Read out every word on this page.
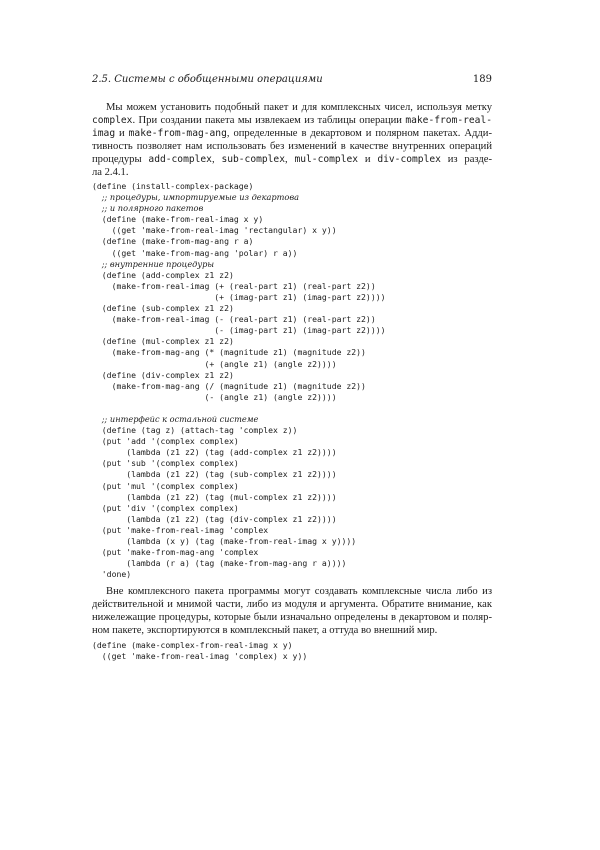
2.5. Системы с обобщенными операциями	189
Мы можем установить подобный пакет и для комплексных чисел, используя метку
complex. При создании пакета мы извлекаем из таблицы операции make-from-real-
imag и make-from-mag-ang, определенные в декартовом и полярном пакетах. Адди-
тивность позволяет нам использовать без изменений в качестве внутренних операций
процедуры add-complex, sub-complex, mul-complex и div-complex из разде-
ла 2.4.1.
(define (install-complex-package)
;; процедуры, импортируемые из декартова
;; и полярного пакетов
(define (make-from-real-imag x y)
((get 'make-from-real-imag 'rectangular) x y))
(define (make-from-mag-ang r a)
((get 'make-from-mag-ang 'polar) r a))
;; внутренние процедуры
(define (add-complex z1 z2)
(make-from-real-imag (+ (real-part z1) (real-part z2))
(+ (imag-part z1) (imag-part z2))))
(define (sub-complex z1 z2)
(make-from-real-imag (- (real-part z1) (real-part z2))
(- (imag-part z1) (imag-part z2))))
(define (mul-complex z1 z2)
(make-from-mag-ang (* (magnitude z1) (magnitude z2))
(+ (angle z1) (angle z2))))
(define (div-complex z1 z2)
(make-from-mag-ang (/ (magnitude z1) (magnitude z2))
(- (angle z1) (angle z2))))
;; интерфейс к остальной системе
(define (tag z) (attach-tag 'complex z))
(put 'add '(complex complex)
(lambda (z1 z2) (tag (add-complex z1 z2))))
(put 'sub '(complex complex)
(lambda (z1 z2) (tag (sub-complex z1 z2))))
(put 'mul '(complex complex)
(lambda (z1 z2) (tag (mul-complex z1 z2))))
(put 'div '(complex complex)
(lambda (z1 z2) (tag (div-complex z1 z2))))
(put 'make-from-real-imag 'complex
(lambda (x y) (tag (make-from-real-imag x y))))
(put 'make-from-mag-ang 'complex
(lambda (r a) (tag (make-from-mag-ang r a))))
'done)
Вне комплексного пакета программы могут создавать комплексные числа либо из
действительной и мнимой части, либо из модуля и аргумента. Обратите внимание, как
нижележащие процедуры, которые были изначально определены в декартовом и поляр-
ном пакете, экспортируются в комплексный пакет, а оттуда во внешний мир.
(define (make-complex-from-real-imag x y)
((get 'make-from-real-imag 'complex) x y))
